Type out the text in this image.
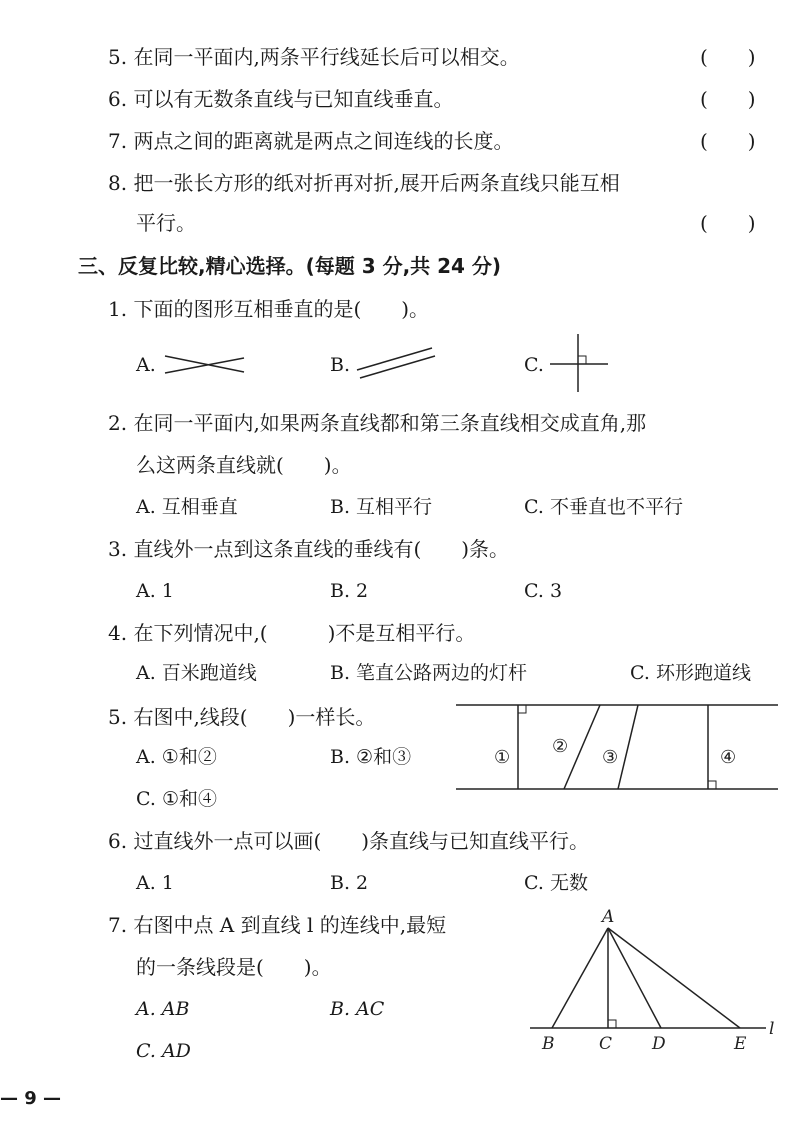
5. 在同一平面内,两条平行线延长后可以相交。	(　　)
6. 可以有无数条直线与已知直线垂直。	(　　)
7. 两点之间的距离就是两点之间连线的长度。	(　　)
8. 把一张长方形的纸对折再对折,展开后两条直线只能互相
平行。	(　　)
三、反复比较,精心选择。(每题 3 分,共 24 分)
1. 下面的图形互相垂直的是(　　)。
A.	B.	C.
2. 在同一平面内,如果两条直线都和第三条直线相交成直角,那
么这两条直线就(　　)。
A. 互相垂直	B. 互相平行	C. 不垂直也不平行
3. 直线外一点到这条直线的垂线有(　　)条。
A. 1	B. 2	C. 3
4. 在下列情况中,(　　　)不是互相平行。
A. 百米跑道线	B. 笔直公路两边的灯杆	C. 环形跑道线
5. 右图中,线段(　　)一样长。
A. ①和②	B. ②和③
C. ①和④
①
②
③	④
6. 过直线外一点可以画(　　)条直线与已知直线平行。
A. 1	B. 2	C. 无数
7. 右图中点 A 到直线 l 的连线中,最短
的一条线段是(　　)。
A. AB	B. AC
C. AD
A
B	C D	E
l
— 9 —
